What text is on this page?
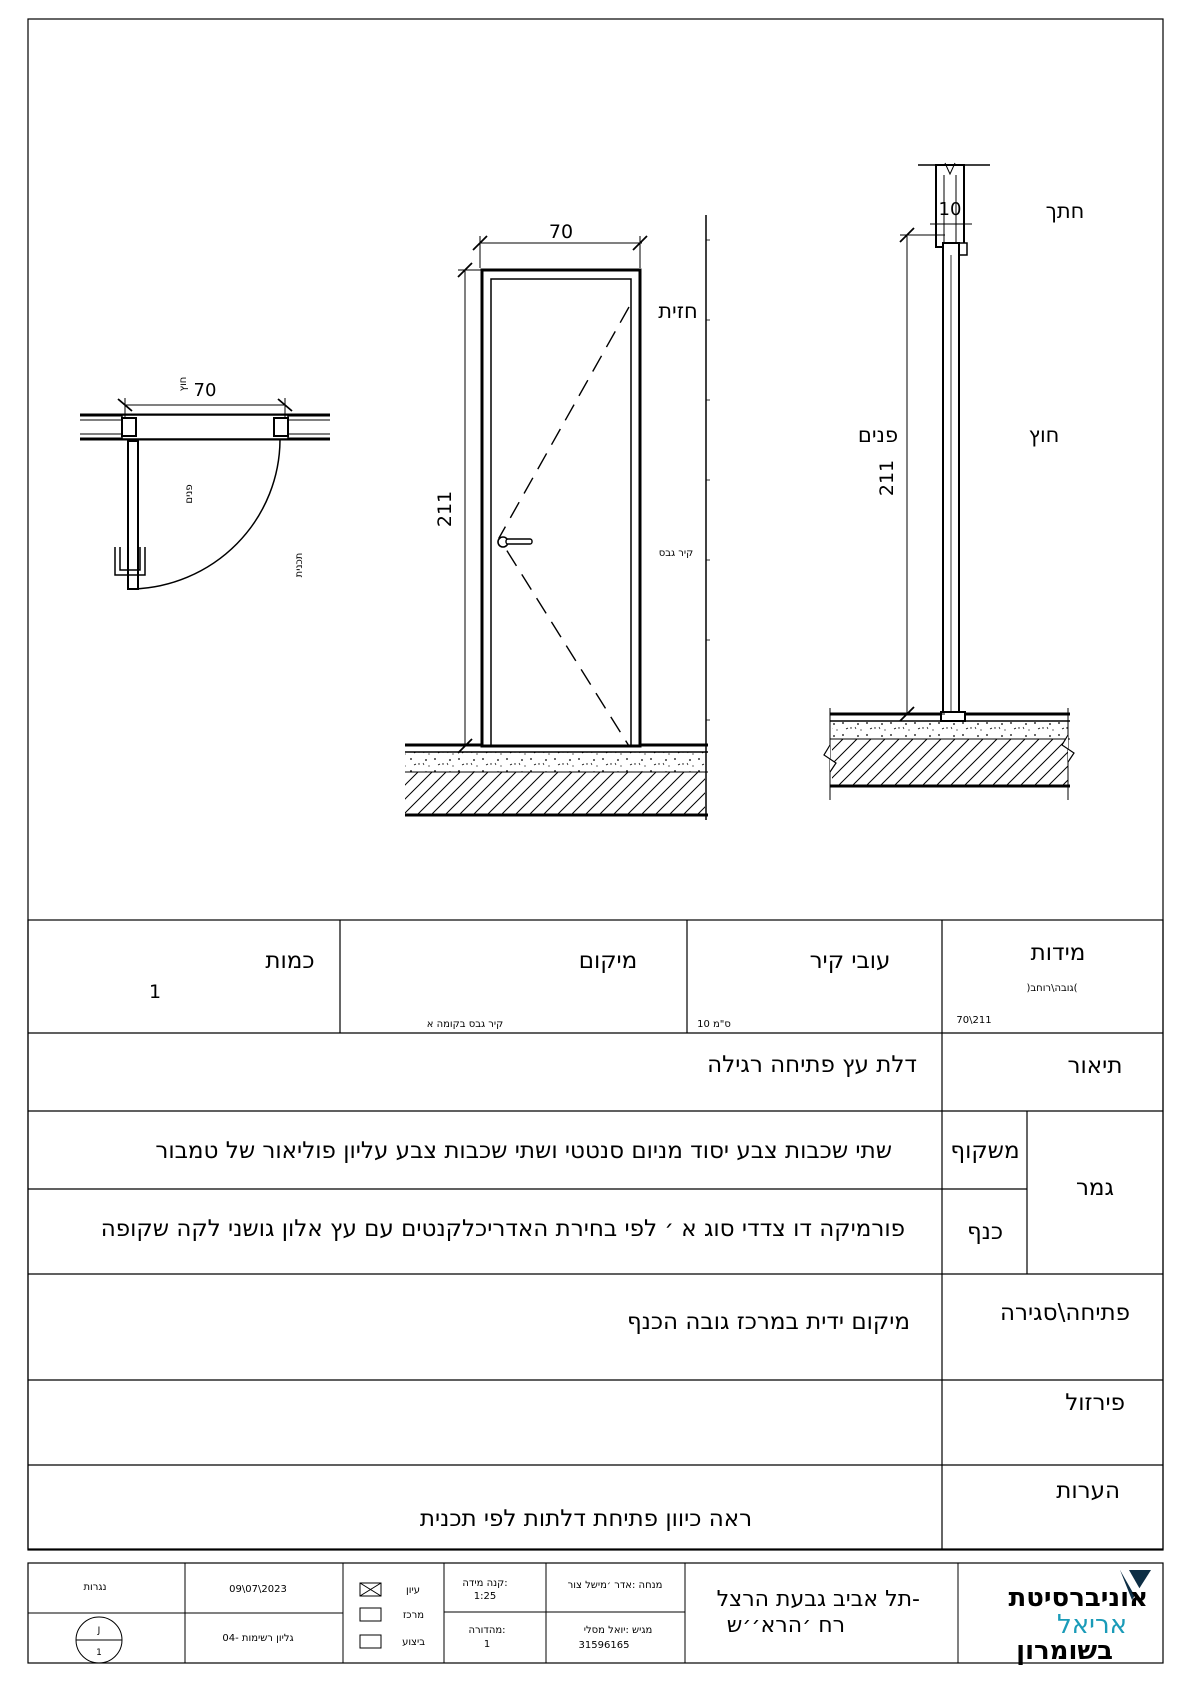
70
חוץ
פנים
תכנית
70
211
חזית
קיר גבס
10
211
חתך
פנים	חוץ
מידות
)גובה\רוחב(
70\211
עובי קיר
10 ס"מ
מיקום
קיר גבס בקומה א
כמות
1
תיאור
דלת עץ פתיחה רגילה
גמר
משקוף
שתי שכבות צבע יסוד מניום סנטטי ושתי שכבות צבע עליון פוליאור של טמבור
כנף
פורמיקה דו צדדי סוג א ׳ לפי בחירת האדריכלקנטים עם עץ אלון גושני לקה שקופה
פתיחה\סגירה
מיקום ידית במרכז גובה הכנף
פירזול
הערות
ראה כיוון פתיחת דלתות לפי תכנית
אוניברסיטת
אריאל
בשומרון
תל אביב גבעת הרצל-
רח ׳הרא׳׳ש
מנחה :אדר ׳מישל צור
מגיש :יואל מסלי
31596165
קנה מידה:
1:25
מהדורה:
1
עיון
מרכז
ביצוע
09\07\2023
גליון רשימות -04
נגרות
J
1
